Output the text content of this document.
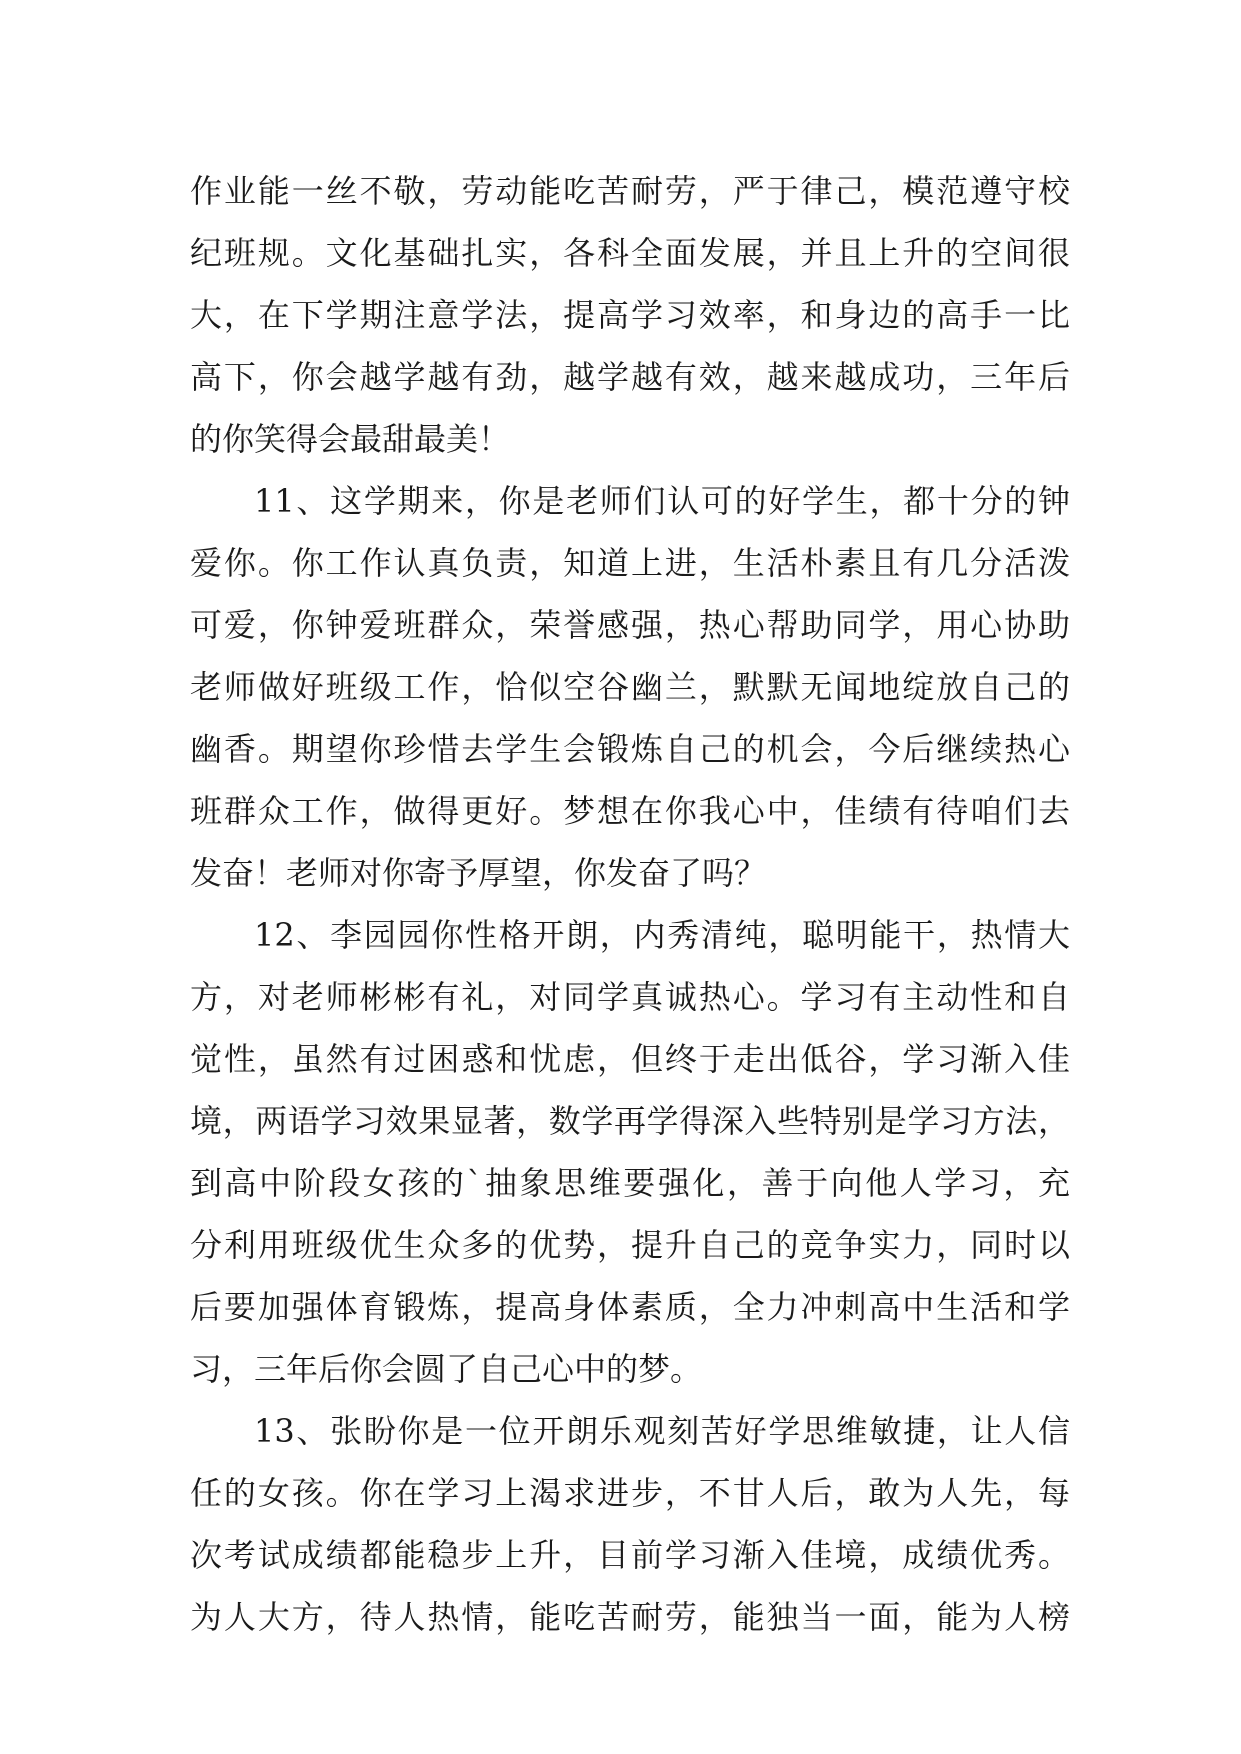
作业能一丝不敬，劳动能吃苦耐劳，严于律己，模范遵守校
纪班规。文化基础扎实，各科全面发展，并且上升的空间很
大，在下学期注意学法，提高学习效率，和身边的高手一比
高下，你会越学越有劲，越学越有效，越来越成功，三年后
的你笑得会最甜最美！
11、这学期来，你是老师们认可的好学生，都十分的钟
爱你。你工作认真负责，知道上进，生活朴素且有几分活泼
可爱，你钟爱班群众，荣誉感强，热心帮助同学，用心协助
老师做好班级工作，恰似空谷幽兰，默默无闻地绽放自己的
幽香。期望你珍惜去学生会锻炼自己的机会，今后继续热心
班群众工作，做得更好。梦想在你我心中，佳绩有待咱们去
发奋！老师对你寄予厚望，你发奋了吗？
12、李园园你性格开朗，内秀清纯，聪明能干，热情大
方，对老师彬彬有礼，对同学真诚热心。学习有主动性和自
觉性，虽然有过困惑和忧虑，但终于走出低谷，学习渐入佳
境，两语学习效果显著，数学再学得深入些特别是学习方法，
到高中阶段女孩的`抽象思维要强化，善于向他人学习，充
分利用班级优生众多的优势，提升自己的竞争实力，同时以
后要加强体育锻炼，提高身体素质，全力冲刺高中生活和学
习，三年后你会圆了自己心中的梦。
13、张盼你是一位开朗乐观刻苦好学思维敏捷，让人信
任的女孩。你在学习上渴求进步，不甘人后，敢为人先，每
次考试成绩都能稳步上升，目前学习渐入佳境，成绩优秀。
为人大方，待人热情，能吃苦耐劳，能独当一面，能为人榜
